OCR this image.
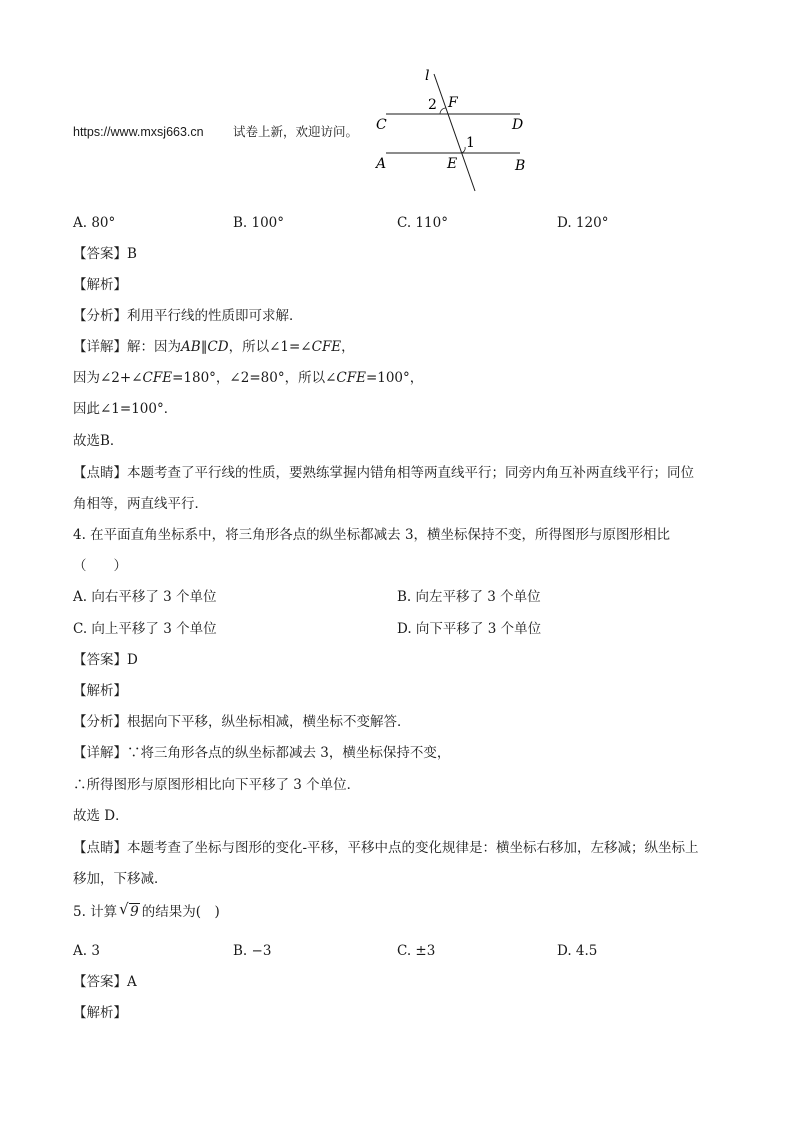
https://www.mxsj663.cn 试卷上新，欢迎访问。
l
2 F
C	D
1
A	E	B
A. 80°	B. 100°	C. 110°	D. 120°
【答案】B
【解析】
【分析】利用平行线的性质即可求解．
【详解】解：因为AB∥CD，所以∠1=∠CFE，
因为∠2+∠CFE=180°，∠2=80°，所以∠CFE=100°，
因此∠1=100°．
故选B．
【点睛】本题考查了平行线的性质，要熟练掌握内错角相等两直线平行；同旁内角互补两直线平行；同位
角相等，两直线平行．
4. 在平面直角坐标系中，将三角形各点的纵坐标都减去 3，横坐标保持不变，所得图形与原图形相比
（　　）
A. 向右平移了 3 个单位	B. 向左平移了 3 个单位
C. 向上平移了 3 个单位	D. 向下平移了 3 个单位
【答案】D
【解析】
【分析】根据向下平移，纵坐标相减，横坐标不变解答．
【详解】∵将三角形各点的纵坐标都减去 3，横坐标保持不变，
∴所得图形与原图形相比向下平移了 3 个单位．
故选 D．
【点睛】本题考查了坐标与图形的变化-平移，平移中点的变化规律是：横坐标右移加，左移减；纵坐标上
移加，下移减．
5. 计算 √ 9 的结果为(　)
A. 3	B. −3	C. ±3	D. 4.5
【答案】A
【解析】
